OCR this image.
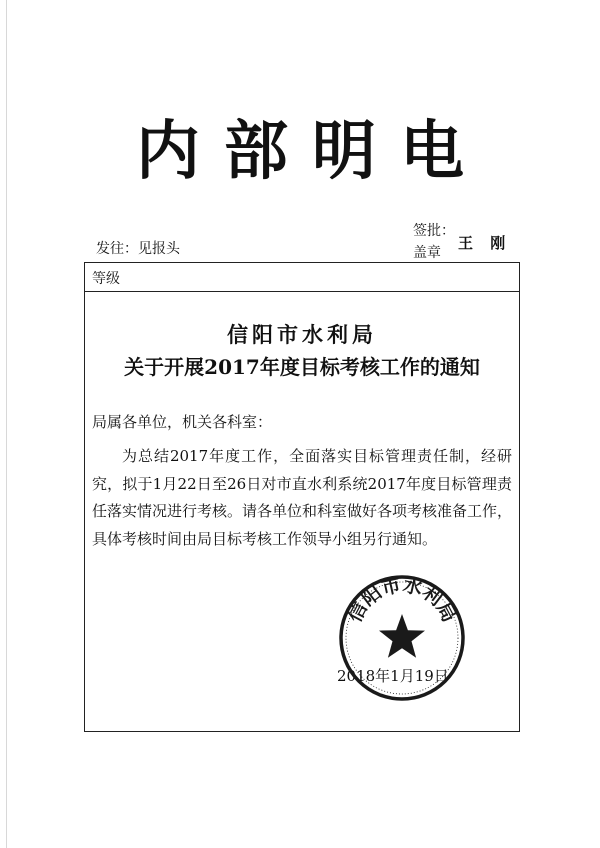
内部明电
发往：见报头
签批：
盖章
王 刚
等级
信阳市水利局
关于开展2017年度目标考核工作的通知
局属各单位，机关各科室：
为总结2017年度工作，全面落实目标管理责任制，经研究，拟于1月22日至26日对市直水利系统2017年度目标管理责任落实情况进行考核。请各单位和科室做好各项考核准备工作，具体考核时间由局目标考核工作领导小组另行通知。
2018年1月19日
信阳市水利局
